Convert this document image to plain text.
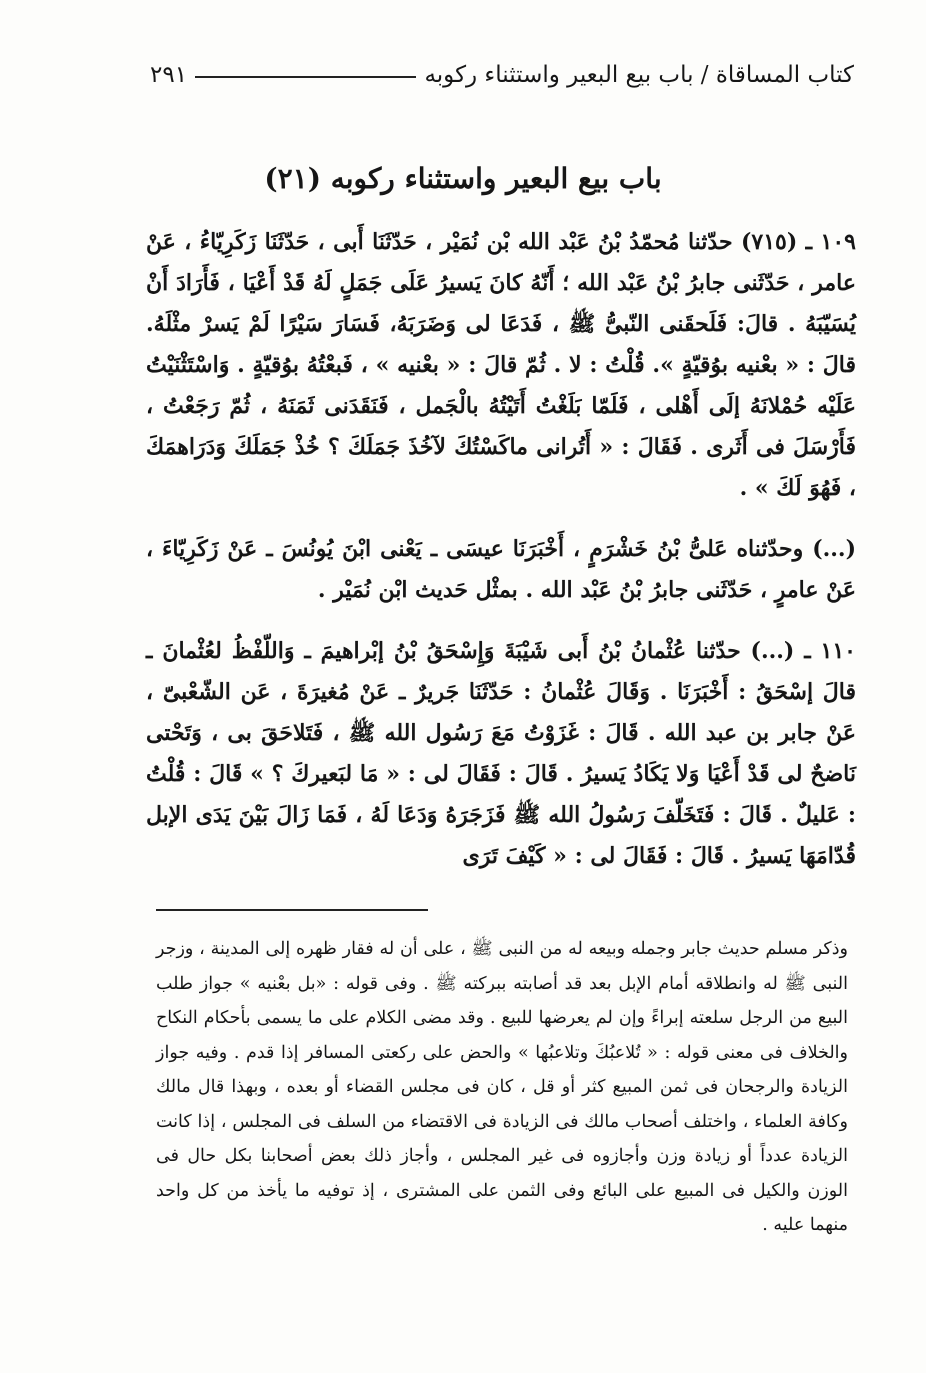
كتاب المساقاة / باب بيع البعير واستثناء ركوبه
٢٩١
(٢١) باب بيع البعير واستثناء ركوبه

١٠٩ ـ (٧١٥) حدّثنا مُحمّدُ بْنُ عَبْد الله بْن نُمَيْر ، حَدّثَنَا أَبى ، حَدّثَنَا زَكَرِيّاءُ ، عَنْ عامر ، حَدّثَنى جابرُ بْنُ عَبْد الله ؛ أَنّهُ كانَ يَسيرُ عَلَى جَمَلٍ لَهُ قَدْ أَعْيَا ، فَأَرَادَ أَنْ يُسَيّبَهُ . قالَ: فَلَحقَنى النّبىُّ ﷺ ، فَدَعَا لى وَضَرَبَهُ، فَسَارَ سَيْرًا لَمْ يَسرْ مثْلَهُ. قالَ : « بعْنيه بوُقيّةٍ ». قُلْتُ : لا . ثُمّ قالَ : « بعْنيه » ، فَبعْتُهُ بوُقيّةٍ . وَاسْتَثْنَيْتُ عَلَيْه حُمْلانَهُ إلَى أَهْلى ، فَلَمّا بَلَغْتُ أَتَيْتُهُ بالْجَمل ، فَنَقَدَنى ثَمَنَهُ ، ثُمّ رَجَعْتُ ، فَأَرْسَلَ فى أَثَرى . فَقَالَ : « أَتُرانى ماكَسْتُكَ لآخُذَ جَمَلَكَ ؟ خُذْ جَمَلَكَ وَدَرَاهمَكَ ، فَهُوَ لَكَ » .

(...) وحدّثناه عَلىُّ بْنُ خَشْرَمٍ ، أَخْبَرَنَا عيسَى ـ يَعْنى ابْنَ يُونُسَ ـ عَنْ زَكَرِيّاءَ ، عَنْ عامرٍ ، حَدّثَنى جابرُ بْنُ عَبْد الله . بمثْل حَديث ابْن نُمَيْر .

١١٠ ـ (...) حدّثنا عُثْمانُ بْنُ أَبى شَيْبَةَ وَإِسْحَقُ بْنُ إبْراهيمَ ـ وَاللّفْظُ لعُثْمانَ ـ قالَ إسْحَقُ : أَخْبَرَنَا . وَقَالَ عُثْمانُ : حَدّثَنَا جَريرٌ ـ عَنْ مُغيرَةَ ، عَن الشّعْبىّ ، عَنْ جابر بن عبد الله . قَالَ : غَزَوْتُ مَعَ رَسُول الله ﷺ ، فَتَلاحَقَ بى ، وَتَحْتى نَاضحٌ لى قَدْ أَعْيَا وَلا يَكَادُ يَسيرُ . قَالَ : فَقَالَ لى : « مَا لبَعيركَ ؟ » قَالَ : قُلْتُ : عَليلٌ . قَالَ : فَتَخَلّفَ رَسُولُ الله ﷺ فَزَجَرَهُ وَدَعَا لَهُ ، فَمَا زَالَ بَيْنَ يَدَى الإبل قُدّامَهَا يَسيرُ . قَالَ : فَقَالَ لى : « كَيْفَ تَرَى

وذكر مسلم حديث جابر وجمله وبيعه له من النبى ﷺ ، على أن له فقار ظهره إلى المدينة ، وزجر النبى ﷺ له وانطلاقه أمام الإبل بعد قد أصابته ببركته ﷺ . وفى قوله : «بل بعْنيه » جواز طلب البيع من الرجل سلعته إبراءً وإن لم يعرضها للبيع . وقد مضى الكلام على ما يسمى بأحكام النكاح والخلاف فى معنى قوله : « تُلاعبُكَ وتلاعبُها » والحض على ركعتى المسافر إذا قدم . وفيه جواز الزيادة والرجحان فى ثمن المبيع كثر أو قل ، كان فى مجلس القضاء أو بعده ، وبهذا قال مالك وكافة العلماء ، واختلف أصحاب مالك فى الزيادة فى الاقتضاء من السلف فى المجلس ، إذا كانت الزيادة عدداً أو زيادة وزن وأجازوه فى غير المجلس ، وأجاز ذلك بعض أصحابنا بكل حال فى الوزن والكيل فى المبيع على البائع وفى الثمن على المشترى ، إذ توفيه ما يأخذ من كل واحد منهما عليه .
